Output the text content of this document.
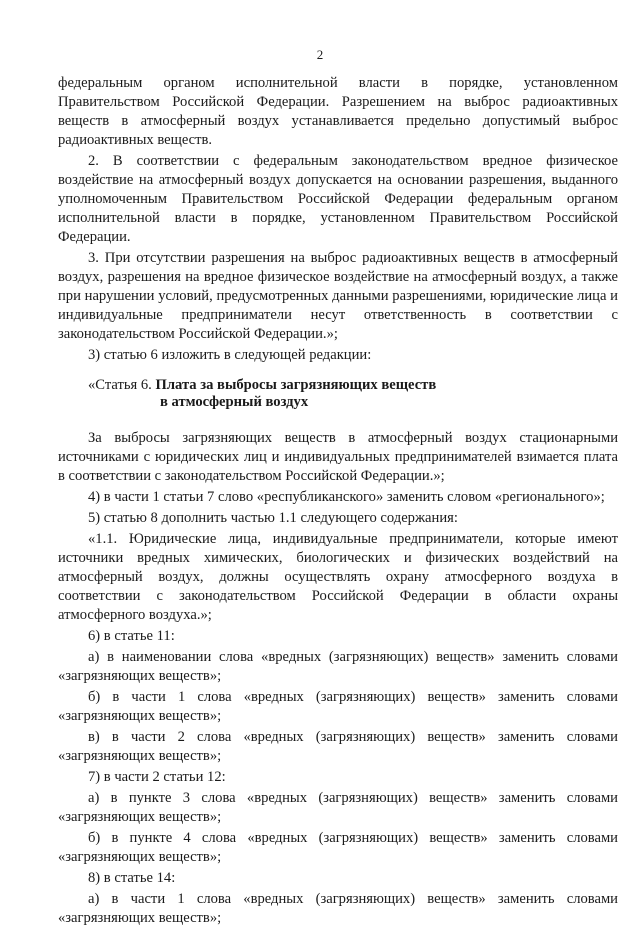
2

федеральным органом исполнительной власти в порядке, установленном Правительством Российской Федерации. Разрешением на выброс радиоактивных веществ в атмосферный воздух устанавливается предельно допустимый выброс радиоактивных веществ.

2. В соответствии с федеральным законодательством вредное физическое воздействие на атмосферный воздух допускается на основании разрешения, выданного уполномоченным Правительством Российской Федерации федеральным органом исполнительной власти в порядке, установленном Правительством Российской Федерации.

3. При отсутствии разрешения на выброс радиоактивных веществ в атмосферный воздух, разрешения на вредное физическое воздействие на атмосферный воздух, а также при нарушении условий, предусмотренных данными разрешениями, юридические лица и индивидуальные предприниматели несут ответственность в соответствии с законодательством Российской Федерации.»;

3) статью 6 изложить в следующей редакции:

«Статья 6. Плата за выбросы загрязняющих веществ
в атмосферный воздух

За выбросы загрязняющих веществ в атмосферный воздух стационарными источниками с юридических лиц и индивидуальных предпринимателей взимается плата в соответствии с законодательством Российской Федерации.»;

4) в части 1 статьи 7 слово «республиканского» заменить словом «регионального»;

5) статью 8 дополнить частью 1.1 следующего содержания:

«1.1. Юридические лица, индивидуальные предприниматели, которые имеют источники вредных химических, биологических и физических воздействий на атмосферный воздух, должны осуществлять охрану атмосферного воздуха в соответствии с законодательством Российской Федерации в области охраны атмосферного воздуха.»;

6) в статье 11:

а) в наименовании слова «вредных (загрязняющих) веществ» заменить словами «загрязняющих веществ»;

б) в части 1 слова «вредных (загрязняющих) веществ» заменить словами «загрязняющих веществ»;

в) в части 2 слова «вредных (загрязняющих) веществ» заменить словами «загрязняющих веществ»;

7) в части 2 статьи 12:

а) в пункте 3 слова «вредных (загрязняющих) веществ» заменить словами «загрязняющих веществ»;

б) в пункте 4 слова «вредных (загрязняющих) веществ» заменить словами «загрязняющих веществ»;

8) в статье 14:

а) в части 1 слова «вредных (загрязняющих) веществ» заменить словами «загрязняющих веществ»;
